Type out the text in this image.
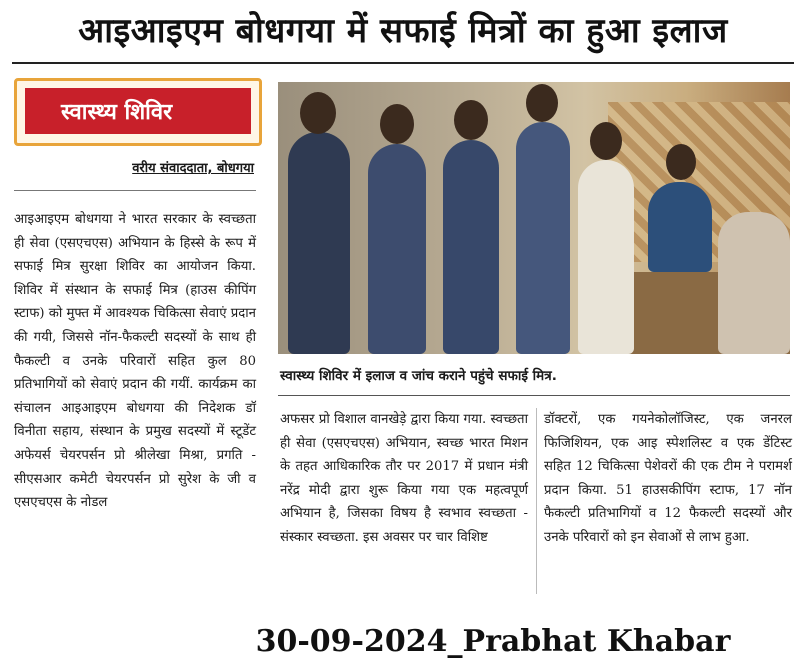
आइआइएम बोधगया में सफाई मित्रों का हुआ इलाज
स्वास्थ्य शिविर
वरीय संवाददाता, बोधगया
आइआइएम बोधगया ने भारत सरकार के स्वच्छता ही सेवा (एसएचएस) अभियान के हिस्से के रूप में सफाई मित्र सुरक्षा शिविर का आयोजन किया. शिविर में संस्थान के सफाई मित्र (हाउस कीपिंग स्टाफ) को मुफ्त में आवश्यक चिकित्सा सेवाएं प्रदान की गयी, जिससे नॉन-फैकल्टी सदस्यों के साथ ही फैकल्टी व उनके परिवारों सहित कुल 80 प्रतिभागियों को सेवाएं प्रदान की गयीं. कार्यक्रम का संचालन आइआइएम बोधगया की निदेशक डॉ विनीता सहाय, संस्थान के प्रमुख सदस्यों में स्टूडेंट अफेयर्स चेयरपर्सन प्रो श्रीलेखा मिश्रा, प्रगति - सीएसआर कमेटी चेयरपर्सन प्रो सुरेश के जी व एसएचएस के नोडल
स्वास्थ्य शिविर में इलाज व जांच कराने पहुंचे सफाई मित्र.
अफसर प्रो विशाल वानखेड़े द्वारा किया गया. स्वच्छता ही सेवा (एसएचएस) अभियान, स्वच्छ भारत मिशन के तहत आधिकारिक तौर पर 2017 में प्रधान मंत्री नरेंद्र मोदी द्वारा शुरू किया गया एक महत्वपूर्ण अभियान है, जिसका विषय है स्वभाव स्वच्छता - संस्कार स्वच्छता. इस अवसर पर चार विशिष्ट
डॉक्टरों, एक गयनेकोलॉजिस्ट, एक जनरल फिजिशियन, एक आइ स्पेशलिस्ट व एक डेंटिस्ट सहित 12 चिकित्सा पेशेवरों की एक टीम ने परामर्श प्रदान किया. 51 हाउसकीपिंग स्टाफ, 17 नॉन फैकल्टी प्रतिभागियों व 12 फैकल्टी सदस्यों और उनके परिवारों को इन सेवाओं से लाभ हुआ.
30-09-2024_Prabhat Khabar
